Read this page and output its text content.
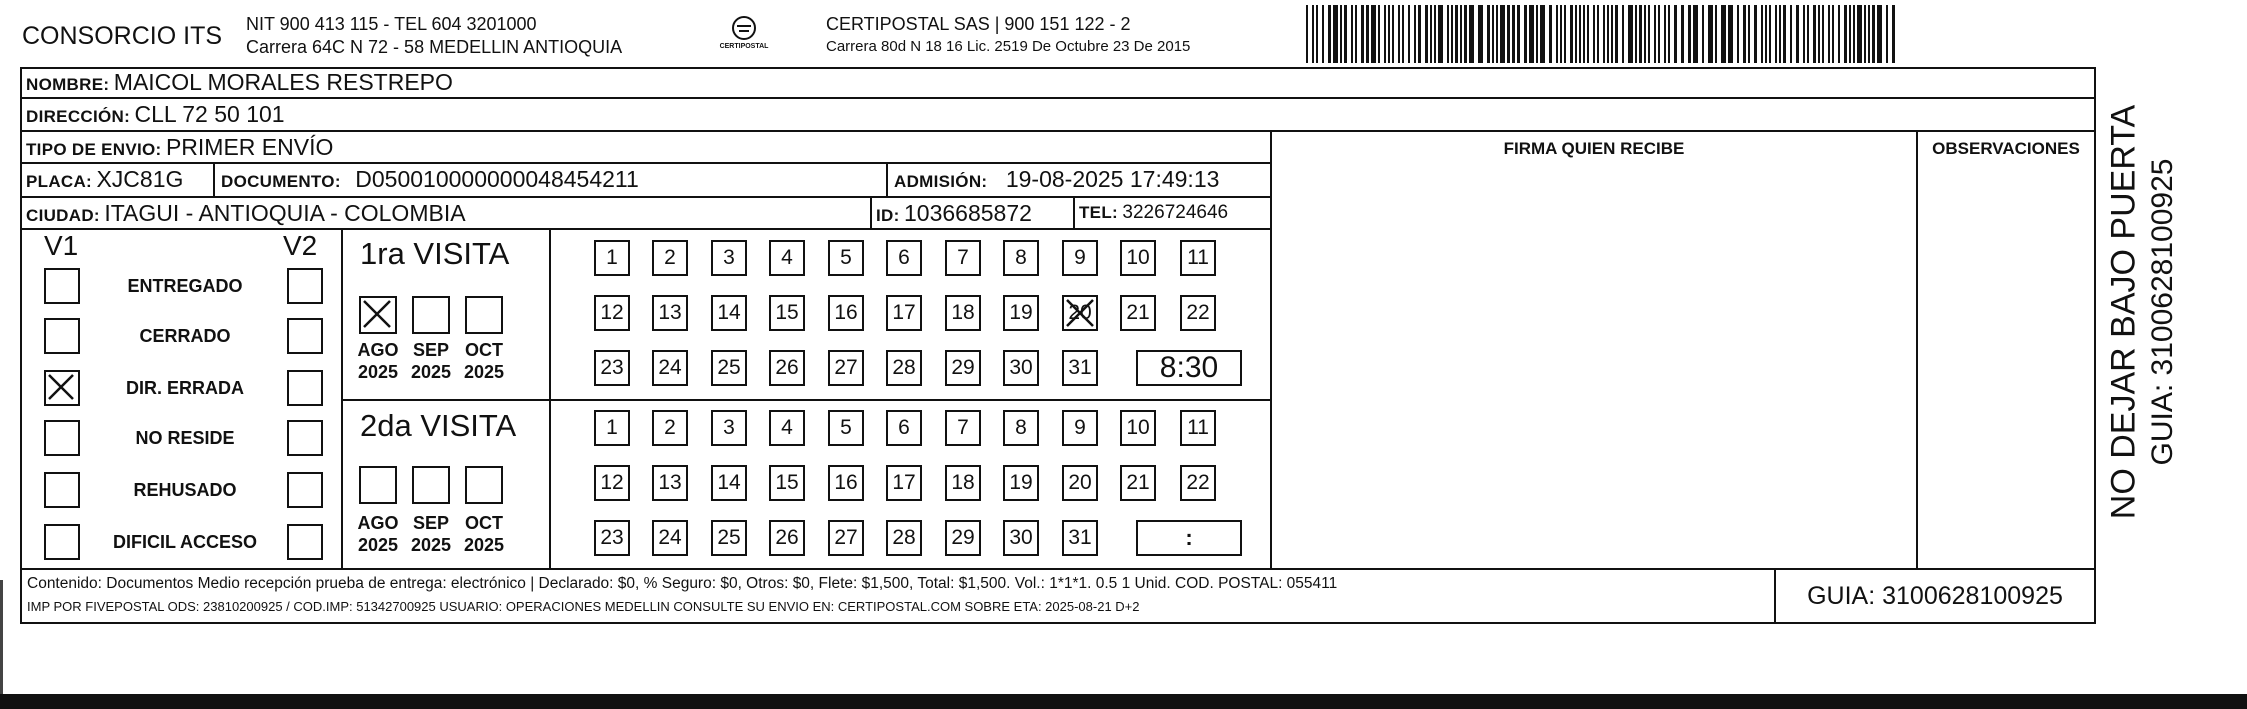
CONSORCIO ITS NIT 900 413 115 - TEL 604 3201000
Carrera 64C N 72 - 58 MEDELLIN ANTIOQUIA	CERTIPOSTAL
CERTIPOSTAL SAS | 900 151 122 - 2
Carrera 80d N 18 16 Lic. 2519 De Octubre 23 De 2015
NOMBRE: MAICOL MORALES RESTREPO
DIRECCIÓN: CLL 72 50 101
TIPO DE ENVIO: PRIMER ENVÍO	FIRMA QUIEN RECIBE	OBSERVACIONES
PLACA: XJC81G DOCUMENTO: D050010000000048454211	ADMISIÓN: 19-08-2025 17:49:13
CIUDAD: ITAGUI - ANTIOQUIA - COLOMBIA	ID: 1036685872	TEL: 3226724646
V1	V2
ENTREGADO
CERRADO
DIR. ERRADA
NO RESIDE
REHUSADO
DIFICIL ACCESO
1ra VISITA
AGO
2025
SEP
2025
OCT
2025
1 2 3 4 5 6 7 8 9 10 11
12 13 14 15 16 17 18 19 20 21 22
23 24 25 26 27 28 29 30 31	8:30
2da VISITA
AGO
2025
SEP
2025
OCT
2025
1 2 3 4 5 6 7 8 9 10 11
12 13 14 15 16 17 18 19 20 21 22
23 24 25 26 27 28 29 30 31	:
Contenido: Documentos Medio recepción prueba de entrega: electrónico | Declarado: $0, % Seguro: $0, Otros: $0, Flete: $1,500, Total: $1,500. Vol.: 1*1*1. 0.5 1 Unid. COD. POSTAL: 055411
IMP POR FIVEPOSTAL ODS: 23810200925 / COD.IMP: 51342700925 USUARIO: OPERACIONES MEDELLIN CONSULTE SU ENVIO EN: CERTIPOSTAL.COM SOBRE ETA: 2025-08-21 D+2	GUIA: 3100628100925
NO DEJAR BAJO PUERTA GUIA: 3100628100925
